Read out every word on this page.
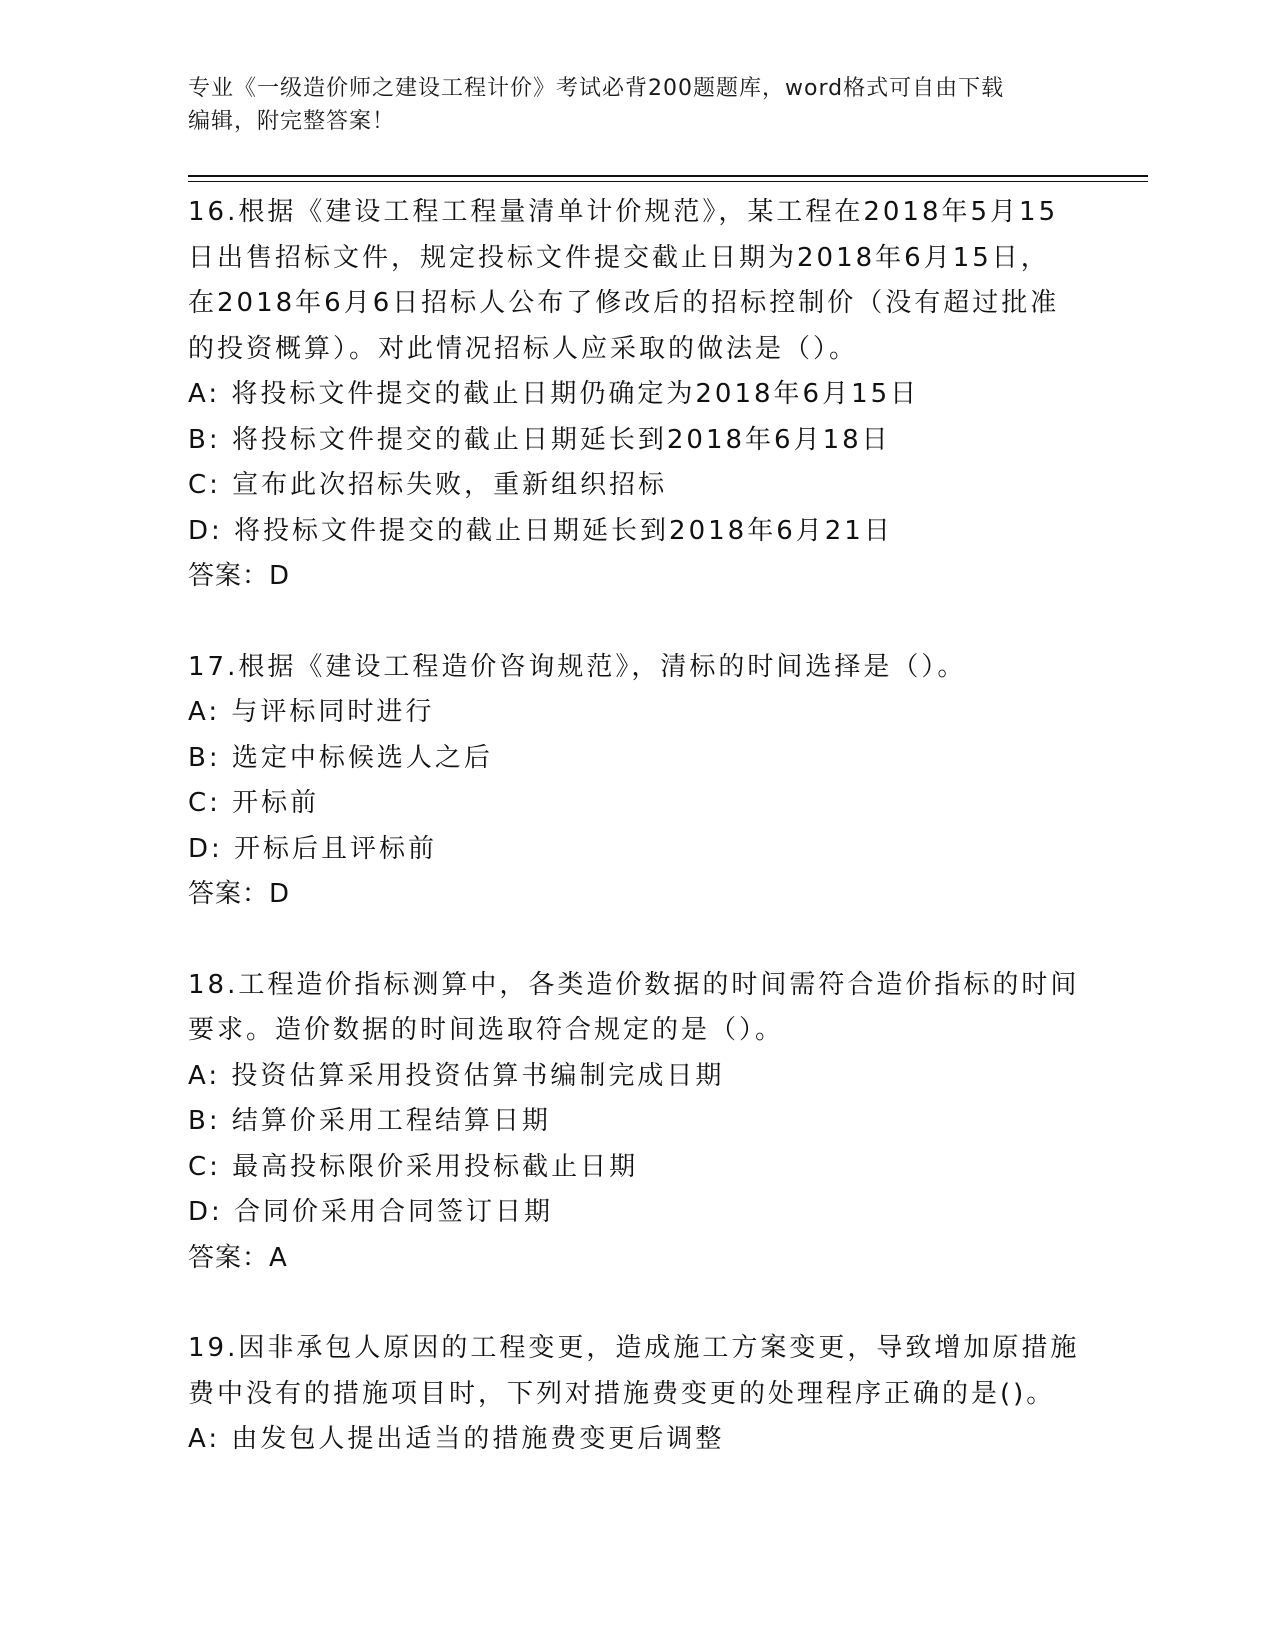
专业《一级造价师之建设工程计价》考试必背200题题库，word格式可自由下载
编辑，附完整答案！
16.根据《建设工程工程量清单计价规范》，某工程在2018年5月15
日出售招标文件，规定投标文件提交截止日期为2018年6月15日，
在2018年6月6日招标人公布了修改后的招标控制价（没有超过批准
的投资概算）。对此情况招标人应采取的做法是（）。
A: 将投标文件提交的截止日期仍确定为2018年6月15日
B: 将投标文件提交的截止日期延长到2018年6月18日
C: 宣布此次招标失败，重新组织招标
D: 将投标文件提交的截止日期延长到2018年6月21日
答案：D
17.根据《建设工程造价咨询规范》，清标的时间选择是（）。
A: 与评标同时进行
B: 选定中标候选人之后
C: 开标前
D: 开标后且评标前
答案：D
18.工程造价指标测算中，各类造价数据的时间需符合造价指标的时间
要求。造价数据的时间选取符合规定的是（）。
A: 投资估算采用投资估算书编制完成日期
B: 结算价采用工程结算日期
C: 最高投标限价采用投标截止日期
D: 合同价采用合同签订日期
答案：A
19.因非承包人原因的工程变更，造成施工方案变更，导致增加原措施
费中没有的措施项目时，下列对措施费变更的处理程序正确的是()。
A: 由发包人提出适当的措施费变更后调整
